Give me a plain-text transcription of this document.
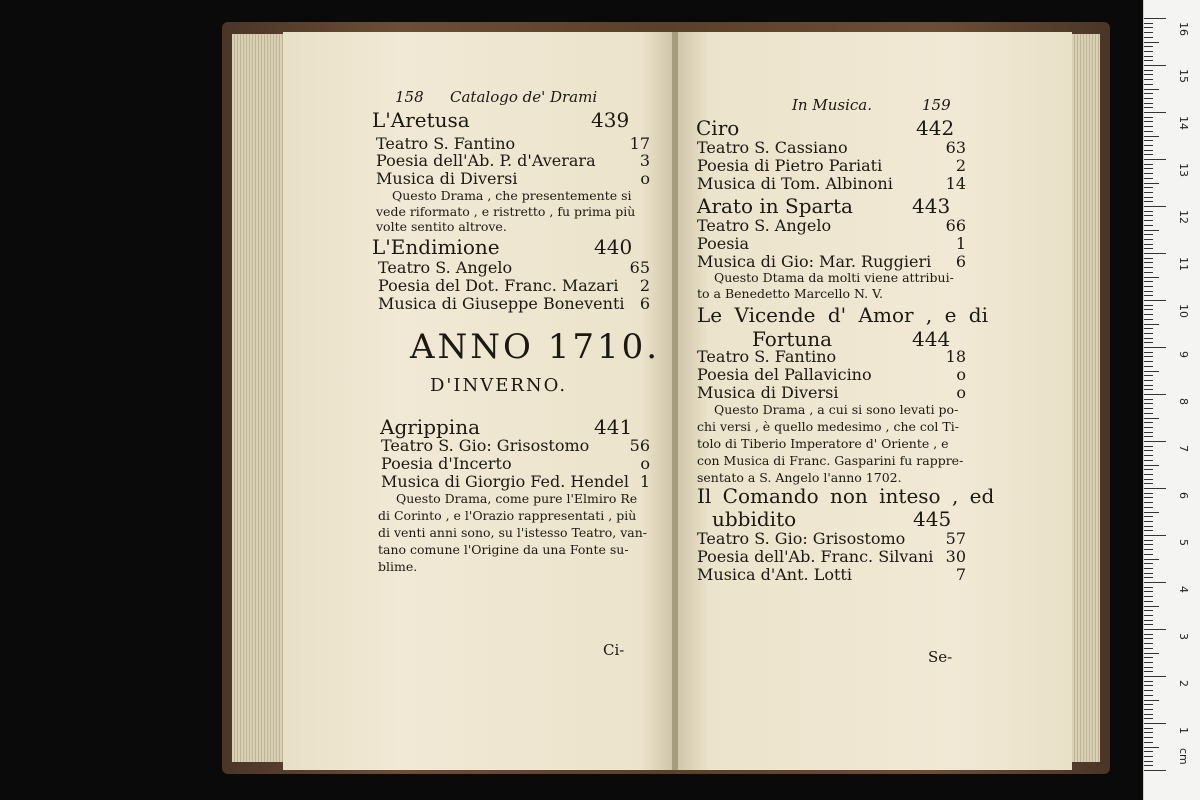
158 Catalogo de' Drami
L'Aretusa	439
Teatro S. Fantino	17
Poesia dell'Ab. P. d'Averara	3
Musica di Diversi	o
Questo Drama , che presentemente si
vede riformato , e ristretto , fu prima più
volte sentito altrove.
L'Endimione	440
Teatro S. Angelo	65
Poesia del Dot. Franc. Mazari	2
Musica di Giuseppe Boneventi 6
ANNO 1710.
D'INVERNO.
Agrippina	441
Teatro S. Gio: Grisostomo	56
Poesia d'Incerto	o
Musica di Giorgio Fed. Hendel 1
Questo Drama, come pure l'Elmiro Re
di Corinto , e l'Orazio rappresentati , più
di venti anni sono, su l'istesso Teatro, van-
tano comune l'Origine da una Fonte su-
blime.
Ci-
In Musica.	159
Ciro	442
Teatro S. Cassiano	63
Poesia di Pietro Pariati	2
Musica di Tom. Albinoni	14
Arato in Sparta	443
Teatro S. Angelo	66
Poesia	1
Musica di Gio: Mar. Ruggieri	6
Questo Dtama da molti viene attribui-
to a Benedetto Marcello N. V.
Le Vicende d' Amor , e di
Fortuna	444
Teatro S. Fantino	18
Poesia del Pallavicino	o
Musica di Diversi	o
Questo Drama , a cui si sono levati po-
chi versi , è quello medesimo , che col Ti-
tolo di Tiberio Imperatore d' Oriente , e
con Musica di Franc. Gasparini fu rappre-
sentato a S. Angelo l'anno 1702.
Il Comando non inteso , ed
ubbidito	445
Teatro S. Gio: Grisostomo	57
Poesia dell'Ab. Franc. Silvani 30
Musica d'Ant. Lotti	7
Se-
16
15
14
13
12
11
10
9
8
7
6
5
4
3
2
1
cm
